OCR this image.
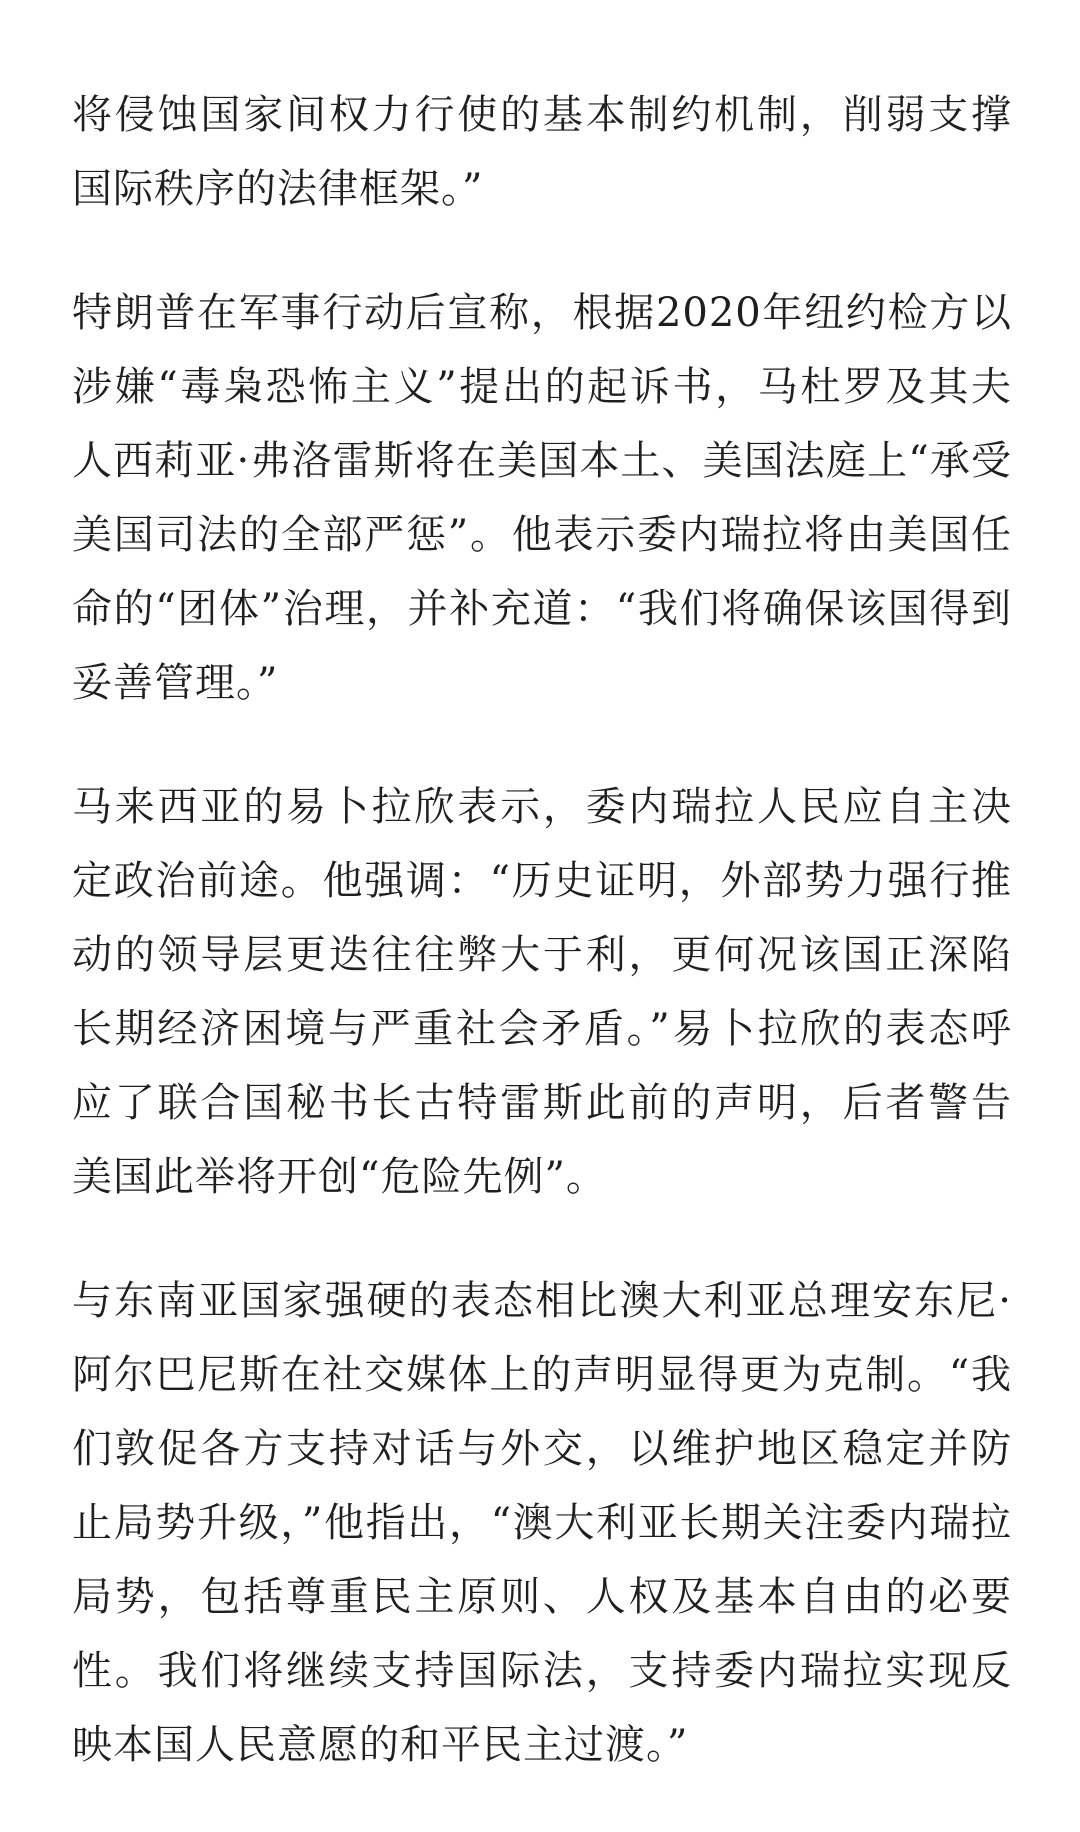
将侵蚀国家间权力行使的基本制约机制，削弱支撑国际秩序的法律框架。”

特朗普在军事行动后宣称，根据2020年纽约检方以涉嫌“毒枭恐怖主义”提出的起诉书，马杜罗及其夫人西莉亚·弗洛雷斯将在美国本土、美国法庭上“承受美国司法的全部严惩”。他表示委内瑞拉将由美国任命的“团体”治理，并补充道：“我们将确保该国得到妥善管理。”

马来西亚的易卜拉欣表示，委内瑞拉人民应自主决定政治前途。他强调：“历史证明，外部势力强行推动的领导层更迭往往弊大于利，更何况该国正深陷长期经济困境与严重社会矛盾。”易卜拉欣的表态呼应了联合国秘书长古特雷斯此前的声明，后者警告美国此举将开创“危险先例”。

与东南亚国家强硬的表态相比澳大利亚总理安东尼·阿尔巴尼斯在社交媒体上的声明显得更为克制。“我们敦促各方支持对话与外交，以维护地区稳定并防止局势升级，”他指出，“澳大利亚长期关注委内瑞拉局势，包括尊重民主原则、人权及基本自由的必要性。我们将继续支持国际法，支持委内瑞拉实现反映本国人民意愿的和平民主过渡。”
